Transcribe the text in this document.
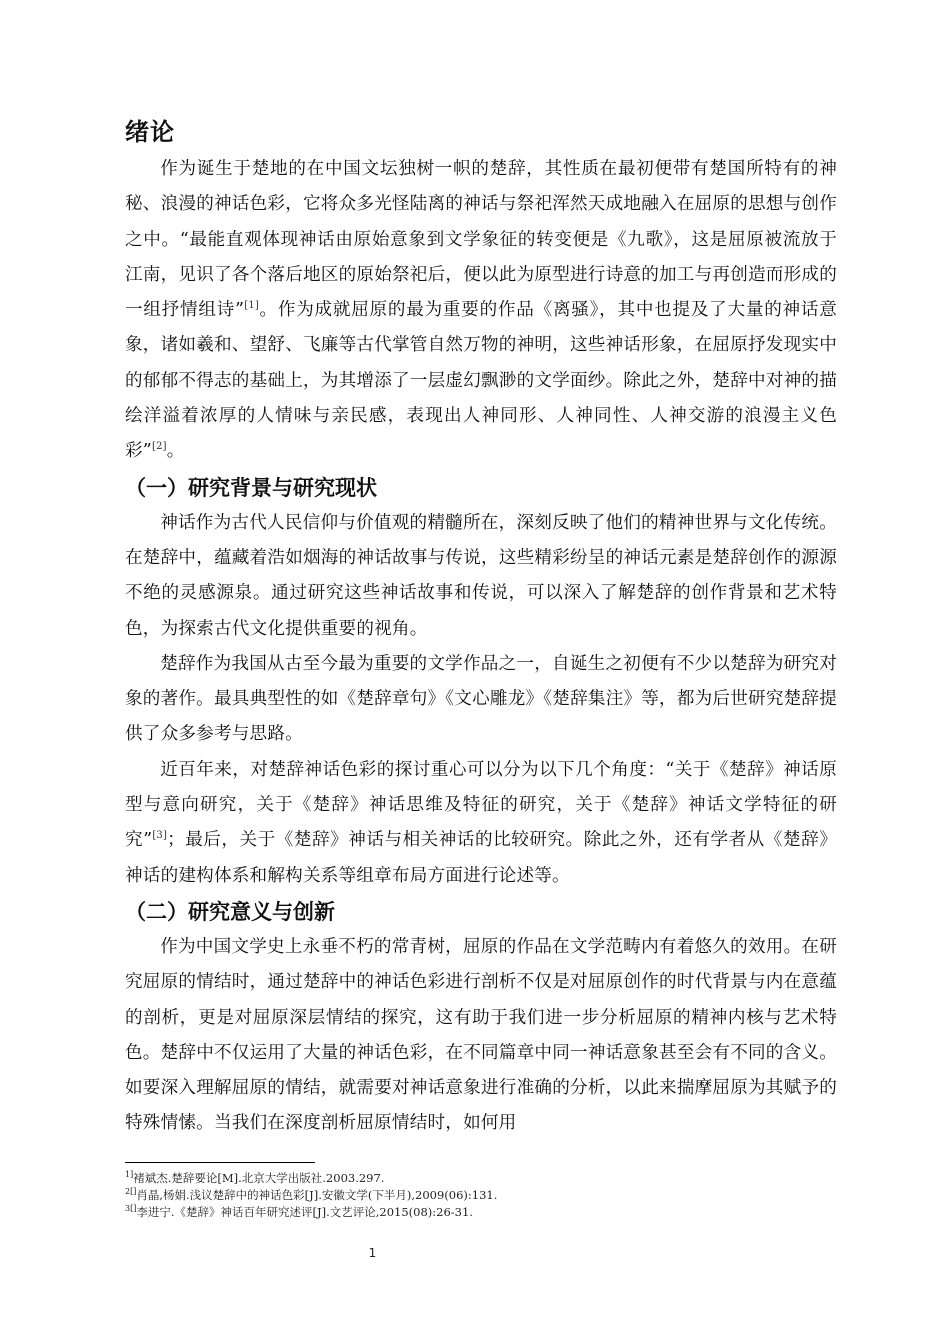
绪论

作为诞生于楚地的在中国文坛独树一帜的楚辞，其性质在最初便带有楚国所特有的神秘、浪漫的神话色彩，它将众多光怪陆离的神话与祭祀浑然天成地融入在屈原的思想与创作之中。“最能直观体现神话由原始意象到文学象征的转变便是《九歌》，这是屈原被流放于江南，见识了各个落后地区的原始祭祀后，便以此为原型进行诗意的加工与再创造而形成的一组抒情组诗”[1]。作为成就屈原的最为重要的作品《离骚》，其中也提及了大量的神话意象，诸如羲和、望舒、飞廉等古代掌管自然万物的神明，这些神话形象，在屈原抒发现实中的郁郁不得志的基础上，为其增添了一层虚幻飘渺的文学面纱。除此之外，楚辞中对神的描绘洋溢着浓厚的人情味与亲民感，表现出人神同形、人神同性、人神交游的浪漫主义色彩”[2]。

（一）研究背景与研究现状

神话作为古代人民信仰与价值观的精髓所在，深刻反映了他们的精神世界与文化传统。在楚辞中，蕴藏着浩如烟海的神话故事与传说，这些精彩纷呈的神话元素是楚辞创作的源源不绝的灵感源泉。通过研究这些神话故事和传说，可以深入了解楚辞的创作背景和艺术特色，为探索古代文化提供重要的视角。

楚辞作为我国从古至今最为重要的文学作品之一，自诞生之初便有不少以楚辞为研究对象的著作。最具典型性的如《楚辞章句》《文心雕龙》《楚辞集注》等，都为后世研究楚辞提供了众多参考与思路。

近百年来，对楚辞神话色彩的探讨重心可以分为以下几个角度：“关于《楚辞》神话原型与意向研究，关于《楚辞》神话思维及特征的研究，关于《楚辞》神话文学特征的研究”[3]；最后，关于《楚辞》神话与相关神话的比较研究。除此之外，还有学者从《楚辞》神话的建构体系和解构关系等组章布局方面进行论述等。

（二）研究意义与创新

作为中国文学史上永垂不朽的常青树，屈原的作品在文学范畴内有着悠久的效用。在研究屈原的情结时，通过楚辞中的神话色彩进行剖析不仅是对屈原创作的时代背景与内在意蕴的剖析，更是对屈原深层情结的探究，这有助于我们进一步分析屈原的精神内核与艺术特色。楚辞中不仅运用了大量的神话色彩，在不同篇章中同一神话意象甚至会有不同的含义。如要深入理解屈原的情结，就需要对神话意象进行准确的分析，以此来揣摩屈原为其赋予的特殊情愫。当我们在深度剖析屈原情结时，如何用

$^{1]}$褚斌杰.楚辞要论[M].北京大学出版社.2003.297.

$^{2[]}$肖晶,杨娟.浅议楚辞中的神话色彩[J].安徽文学(下半月),2009(06):131.

$^{3[]}$李进宁.《楚辞》神话百年研究述评[J].文艺评论,2015(08):26-31.

1
